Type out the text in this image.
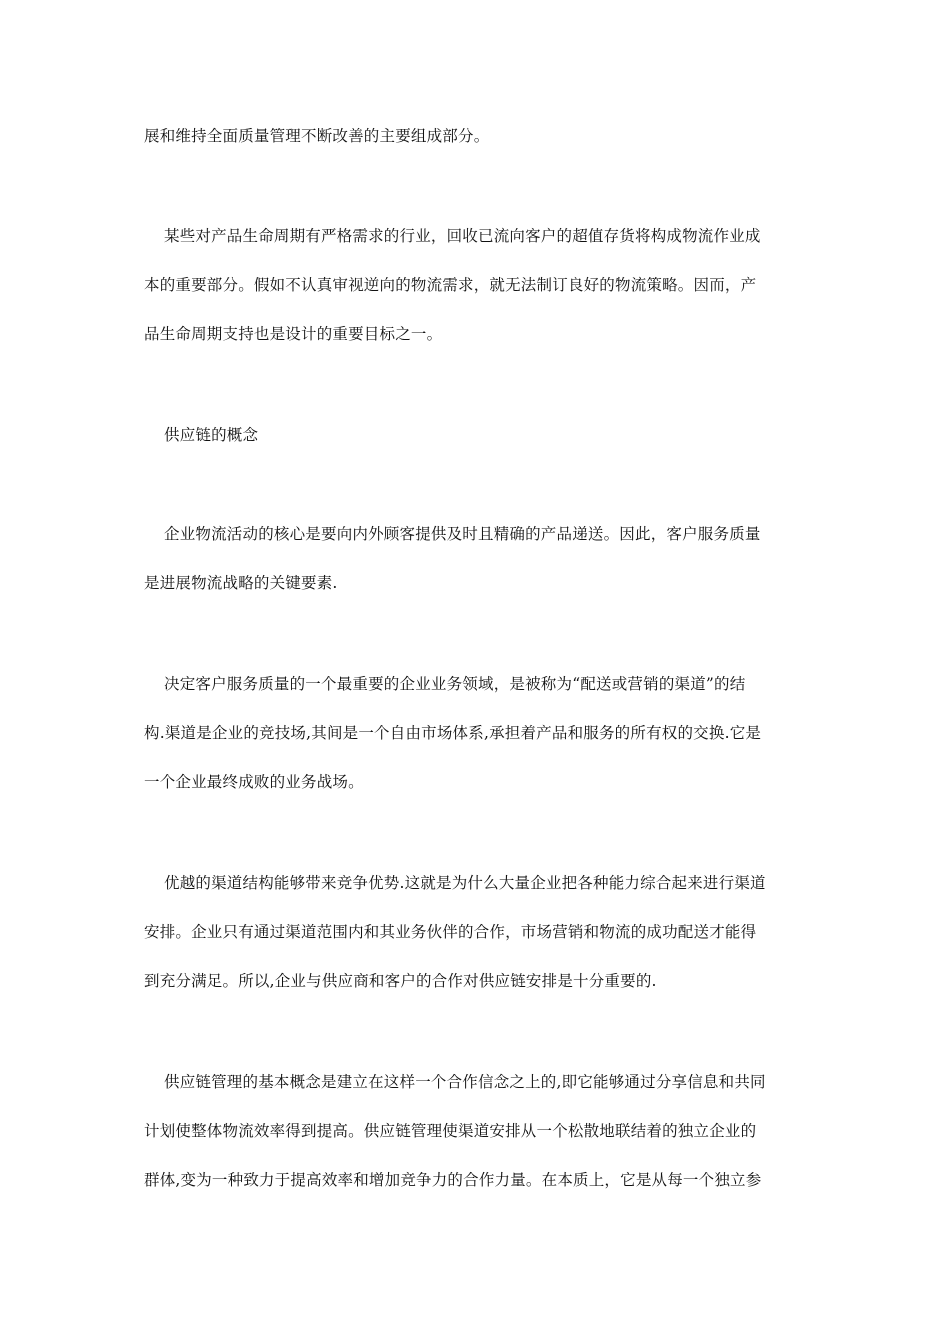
展和维持全面质量管理不断改善的主要组成部分。
某些对产品生命周期有严格需求的行业，回收已流向客户的超值存货将构成物流作业成
本的重要部分。假如不认真审视逆向的物流需求，就无法制订良好的物流策略。因而，产
品生命周期支持也是设计的重要目标之一。
供应链的概念
企业物流活动的核心是要向内外顾客提供及时且精确的产品递送。因此，客户服务质量
是进展物流战略的关键要素.
决定客户服务质量的一个最重要的企业业务领域，是被称为“配送或营销的渠道”的结
构.渠道是企业的竞技场,其间是一个自由市场体系,承担着产品和服务的所有权的交换.它是
一个企业最终成败的业务战场。
优越的渠道结构能够带来竞争优势.这就是为什么大量企业把各种能力综合起来进行渠道
安排。企业只有通过渠道范围内和其业务伙伴的合作，市场营销和物流的成功配送才能得
到充分满足。所以,企业与供应商和客户的合作对供应链安排是十分重要的.
供应链管理的基本概念是建立在这样一个合作信念之上的,即它能够通过分享信息和共同
计划使整体物流效率得到提高。供应链管理使渠道安排从一个松散地联结着的独立企业的
群体,变为一种致力于提高效率和增加竞争力的合作力量。在本质上，它是从每一个独立参
